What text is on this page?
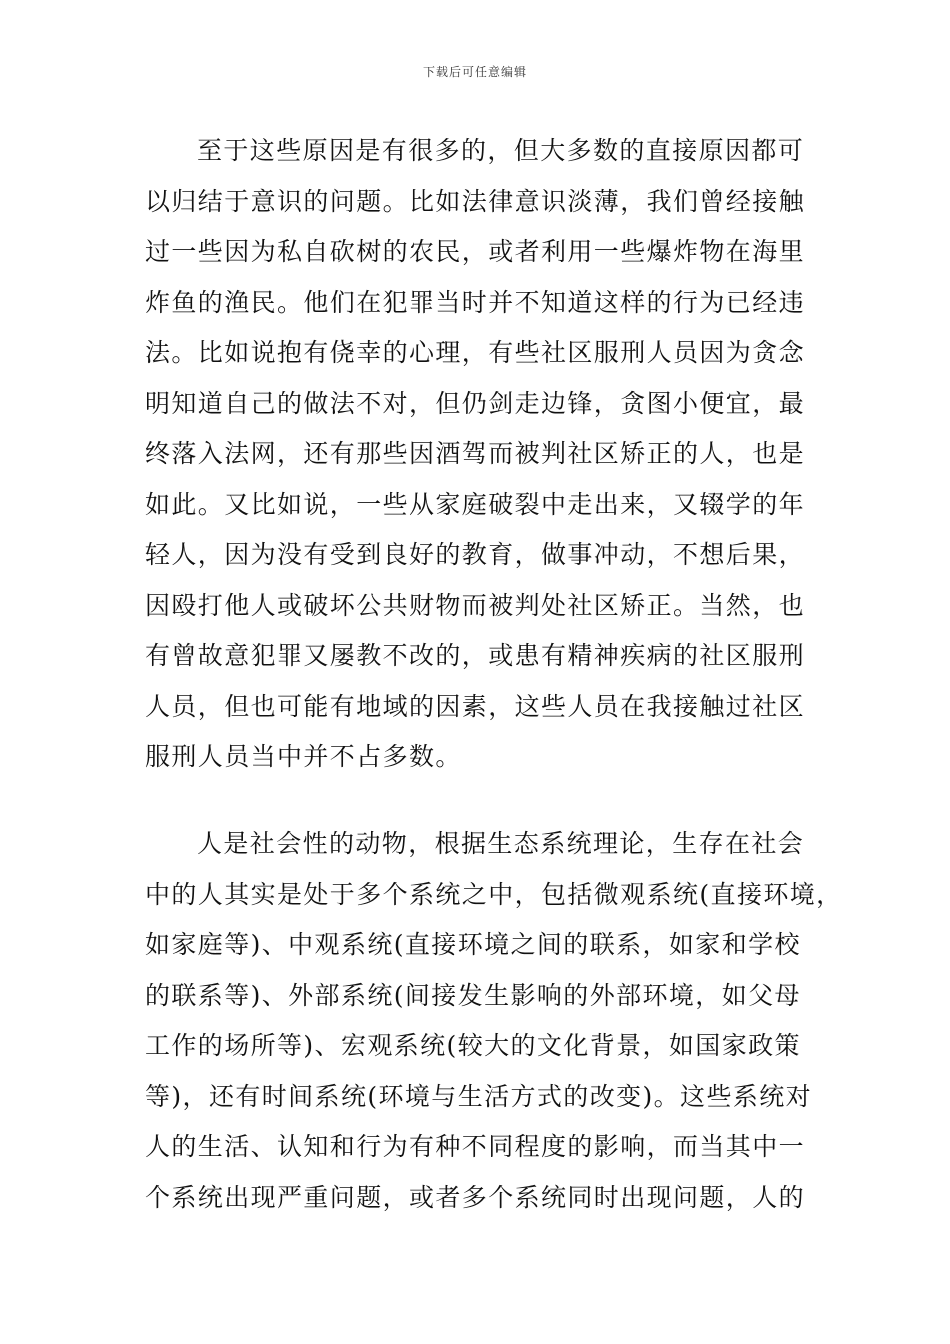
下载后可任意编辑
至于这些原因是有很多的，但大多数的直接原因都可
以归结于意识的问题。比如法律意识淡薄，我们曾经接触
过一些因为私自砍树的农民，或者利用一些爆炸物在海里
炸鱼的渔民。他们在犯罪当时并不知道这样的行为已经违
法。比如说抱有侥幸的心理，有些社区服刑人员因为贪念
明知道自己的做法不对，但仍剑走边锋，贪图小便宜，最
终落入法网，还有那些因酒驾而被判社区矫正的人，也是
如此。又比如说，一些从家庭破裂中走出来，又辍学的年
轻人，因为没有受到良好的教育，做事冲动，不想后果，
因殴打他人或破坏公共财物而被判处社区矫正。当然，也
有曾故意犯罪又屡教不改的，或患有精神疾病的社区服刑
人员，但也可能有地域的因素，这些人员在我接触过社区
服刑人员当中并不占多数。
人是社会性的动物，根据生态系统理论，生存在社会
中的人其实是处于多个系统之中，包括微观系统(直接环境，
如家庭等)、中观系统(直接环境之间的联系，如家和学校
的联系等)、外部系统(间接发生影响的外部环境，如父母
工作的场所等)、宏观系统(较大的文化背景，如国家政策
等)，还有时间系统(环境与生活方式的改变)。这些系统对
人的生活、认知和行为有种不同程度的影响，而当其中一
个系统出现严重问题，或者多个系统同时出现问题，人的
